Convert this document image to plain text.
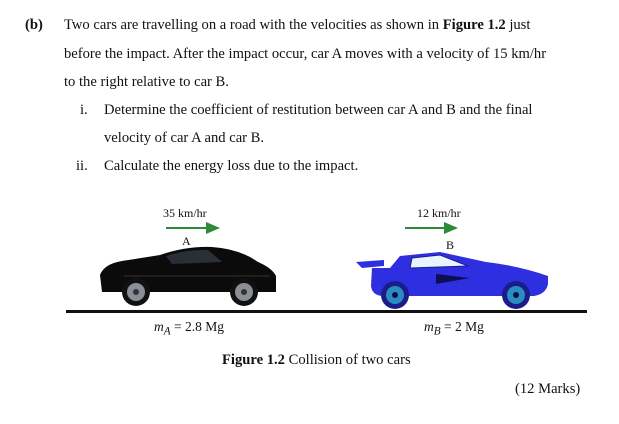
(b) Two cars are travelling on a road with the velocities as shown in Figure 1.2 just
before the impact. After the impact occur, car A moves with a velocity of 15 km/hr
to the right relative to car B.
i. Determine the coefficient of restitution between car A and B and the final
velocity of car A and car B.
ii. Calculate the energy loss due to the impact.
35 km/hr
A
12 km/hr
B
$m_A = 2.8$ Mg	$m_B = 2$ Mg
Figure 1.2 Collision of two cars
(12 Marks)
